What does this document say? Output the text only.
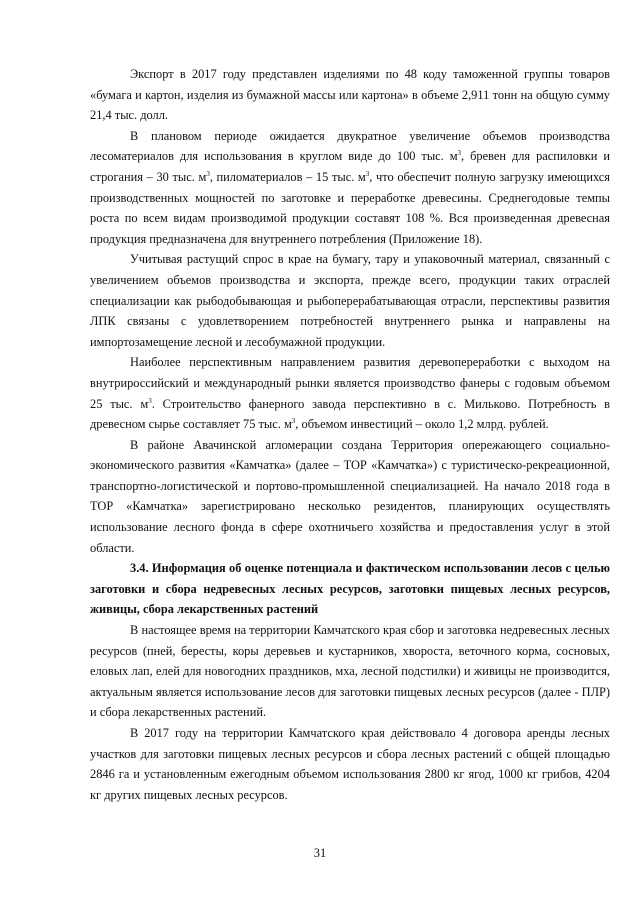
Экспорт в 2017 году представлен изделиями по 48 коду таможенной группы товаров «бумага и картон, изделия из бумажной массы или картона» в объеме 2,911 тонн на общую сумму 21,4 тыс. долл.

В плановом периоде ожидается двукратное увеличение объемов производства лесоматериалов для использования в круглом виде до 100 тыс. $м^3$, бревен для распиловки и строгания – 30 тыс. $м^3$, пиломатериалов – 15 тыс. $м^3$, что обеспечит полную загрузку имеющихся производственных мощностей по заготовке и переработке древесины. Среднегодовые темпы роста по всем видам производимой продукции составят 108 %. Вся произведенная древесная продукция предназначена для внутреннего потребления (Приложение 18).

Учитывая растущий спрос в крае на бумагу, тару и упаковочный материал, связанный с увеличением объемов производства и экспорта, прежде всего, продукции таких отраслей специализации как рыбодобывающая и рыбоперерабатывающая отрасли, перспективы развития ЛПК связаны с удовлетворением потребностей внутреннего рынка и направлены на импортозамещение лесной и лесобумажной продукции.

Наиболее перспективным направлением развития деревопереработки с выходом на внутрироссийский и международный рынки является производство фанеры с годовым объемом 25 тыс. $м^3$. Строительство фанерного завода перспективно в с. Мильково. Потребность в древесном сырье составляет 75 тыс. $м^3$, объемом инвестиций – около 1,2 млрд. рублей.

В районе Авачинской агломерации создана Территория опережающего социально-экономического развития «Камчатка» (далее – ТОР «Камчатка») с туристическо-рекреационной, транспортно-логистической и портово-промышленной специализацией. На начало 2018 года в ТОР «Камчатка» зарегистрировано несколько резидентов, планирующих осуществлять использование лесного фонда в сфере охотничьего хозяйства и предоставления услуг в этой области.

3.4. Информация об оценке потенциала и фактическом использовании лесов с целью заготовки и сбора недревесных лесных ресурсов, заготовки пищевых лесных ресурсов, живицы, сбора лекарственных растений

В настоящее время на территории Камчатского края сбор и заготовка недревесных лесных ресурсов (пней, бересты, коры деревьев и кустарников, хвороста, веточного корма, сосновых, еловых лап, елей для новогодних праздников, мха, лесной подстилки) и живицы не производится, актуальным является использование лесов для заготовки пищевых лесных ресурсов (далее - ПЛР) и сбора лекарственных растений.

В 2017 году на территории Камчатского края действовало 4 договора аренды лесных участков для заготовки пищевых лесных ресурсов и сбора лесных растений с общей площадью 2846 га и установленным ежегодным объемом использования 2800 кг ягод, 1000 кг грибов, 4204 кг других пищевых лесных ресурсов.

31
